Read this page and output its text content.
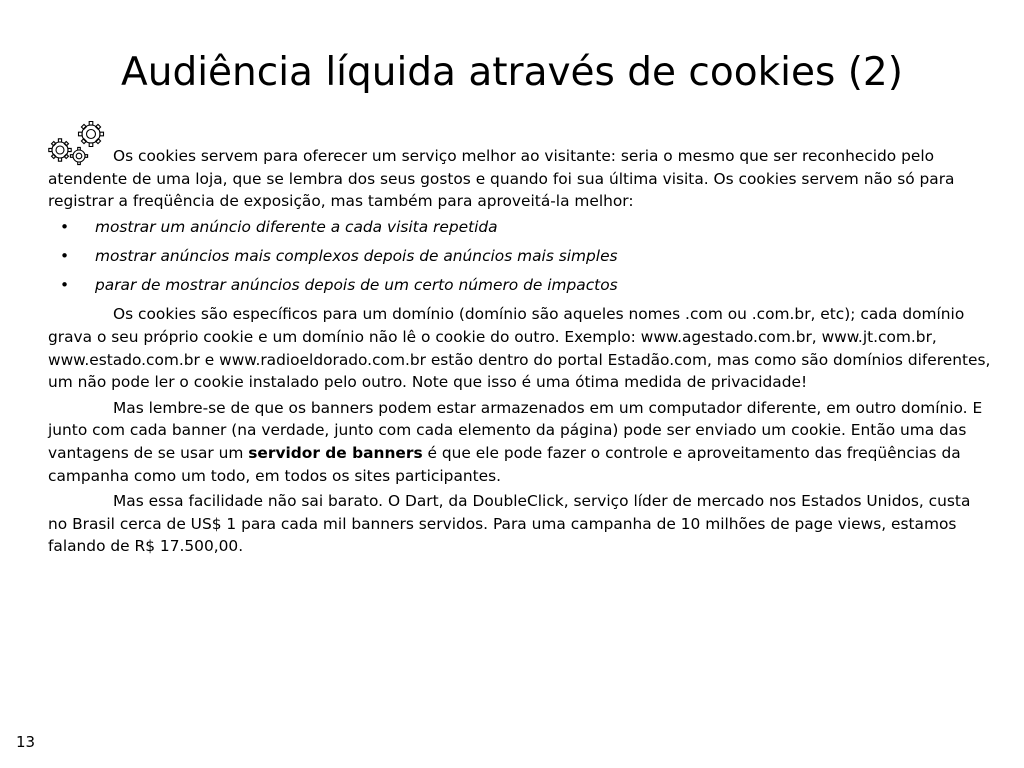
Audiência líquida através de cookies (2)

Os cookies servem para oferecer um serviço melhor ao visitante: seria o mesmo que ser reconhecido pelo atendente de uma loja, que se lembra dos seus gostos e quando foi sua última visita. Os cookies servem não só para registrar a freqüência de exposição, mas também para aproveitá-la melhor:

• mostrar um anúncio diferente a cada visita repetida
• mostrar anúncios mais complexos depois de anúncios mais simples
• parar de mostrar anúncios depois de um certo número de impactos

Os cookies são específicos para um domínio (domínio são aqueles nomes .com ou .com.br, etc); cada domínio grava o seu próprio cookie e um domínio não lê o cookie do outro. Exemplo: www.agestado.com.br, www.jt.com.br, www.estado.com.br e www.radioeldorado.com.br estão dentro do portal Estadão.com, mas como são domínios diferentes, um não pode ler o cookie instalado pelo outro. Note que isso é uma ótima medida de privacidade!

Mas lembre-se de que os banners podem estar armazenados em um computador diferente, em outro domínio. E junto com cada banner (na verdade, junto com cada elemento da página) pode ser enviado um cookie. Então uma das vantagens de se usar um servidor de banners é que ele pode fazer o controle e aproveitamento das freqüências da campanha como um todo, em todos os sites participantes.

Mas essa facilidade não sai barato. O Dart, da DoubleClick, serviço líder de mercado nos Estados Unidos, custa no Brasil cerca de US$ 1 para cada mil banners servidos. Para uma campanha de 10 milhões de page views, estamos falando de R$ 17.500,00.

13
